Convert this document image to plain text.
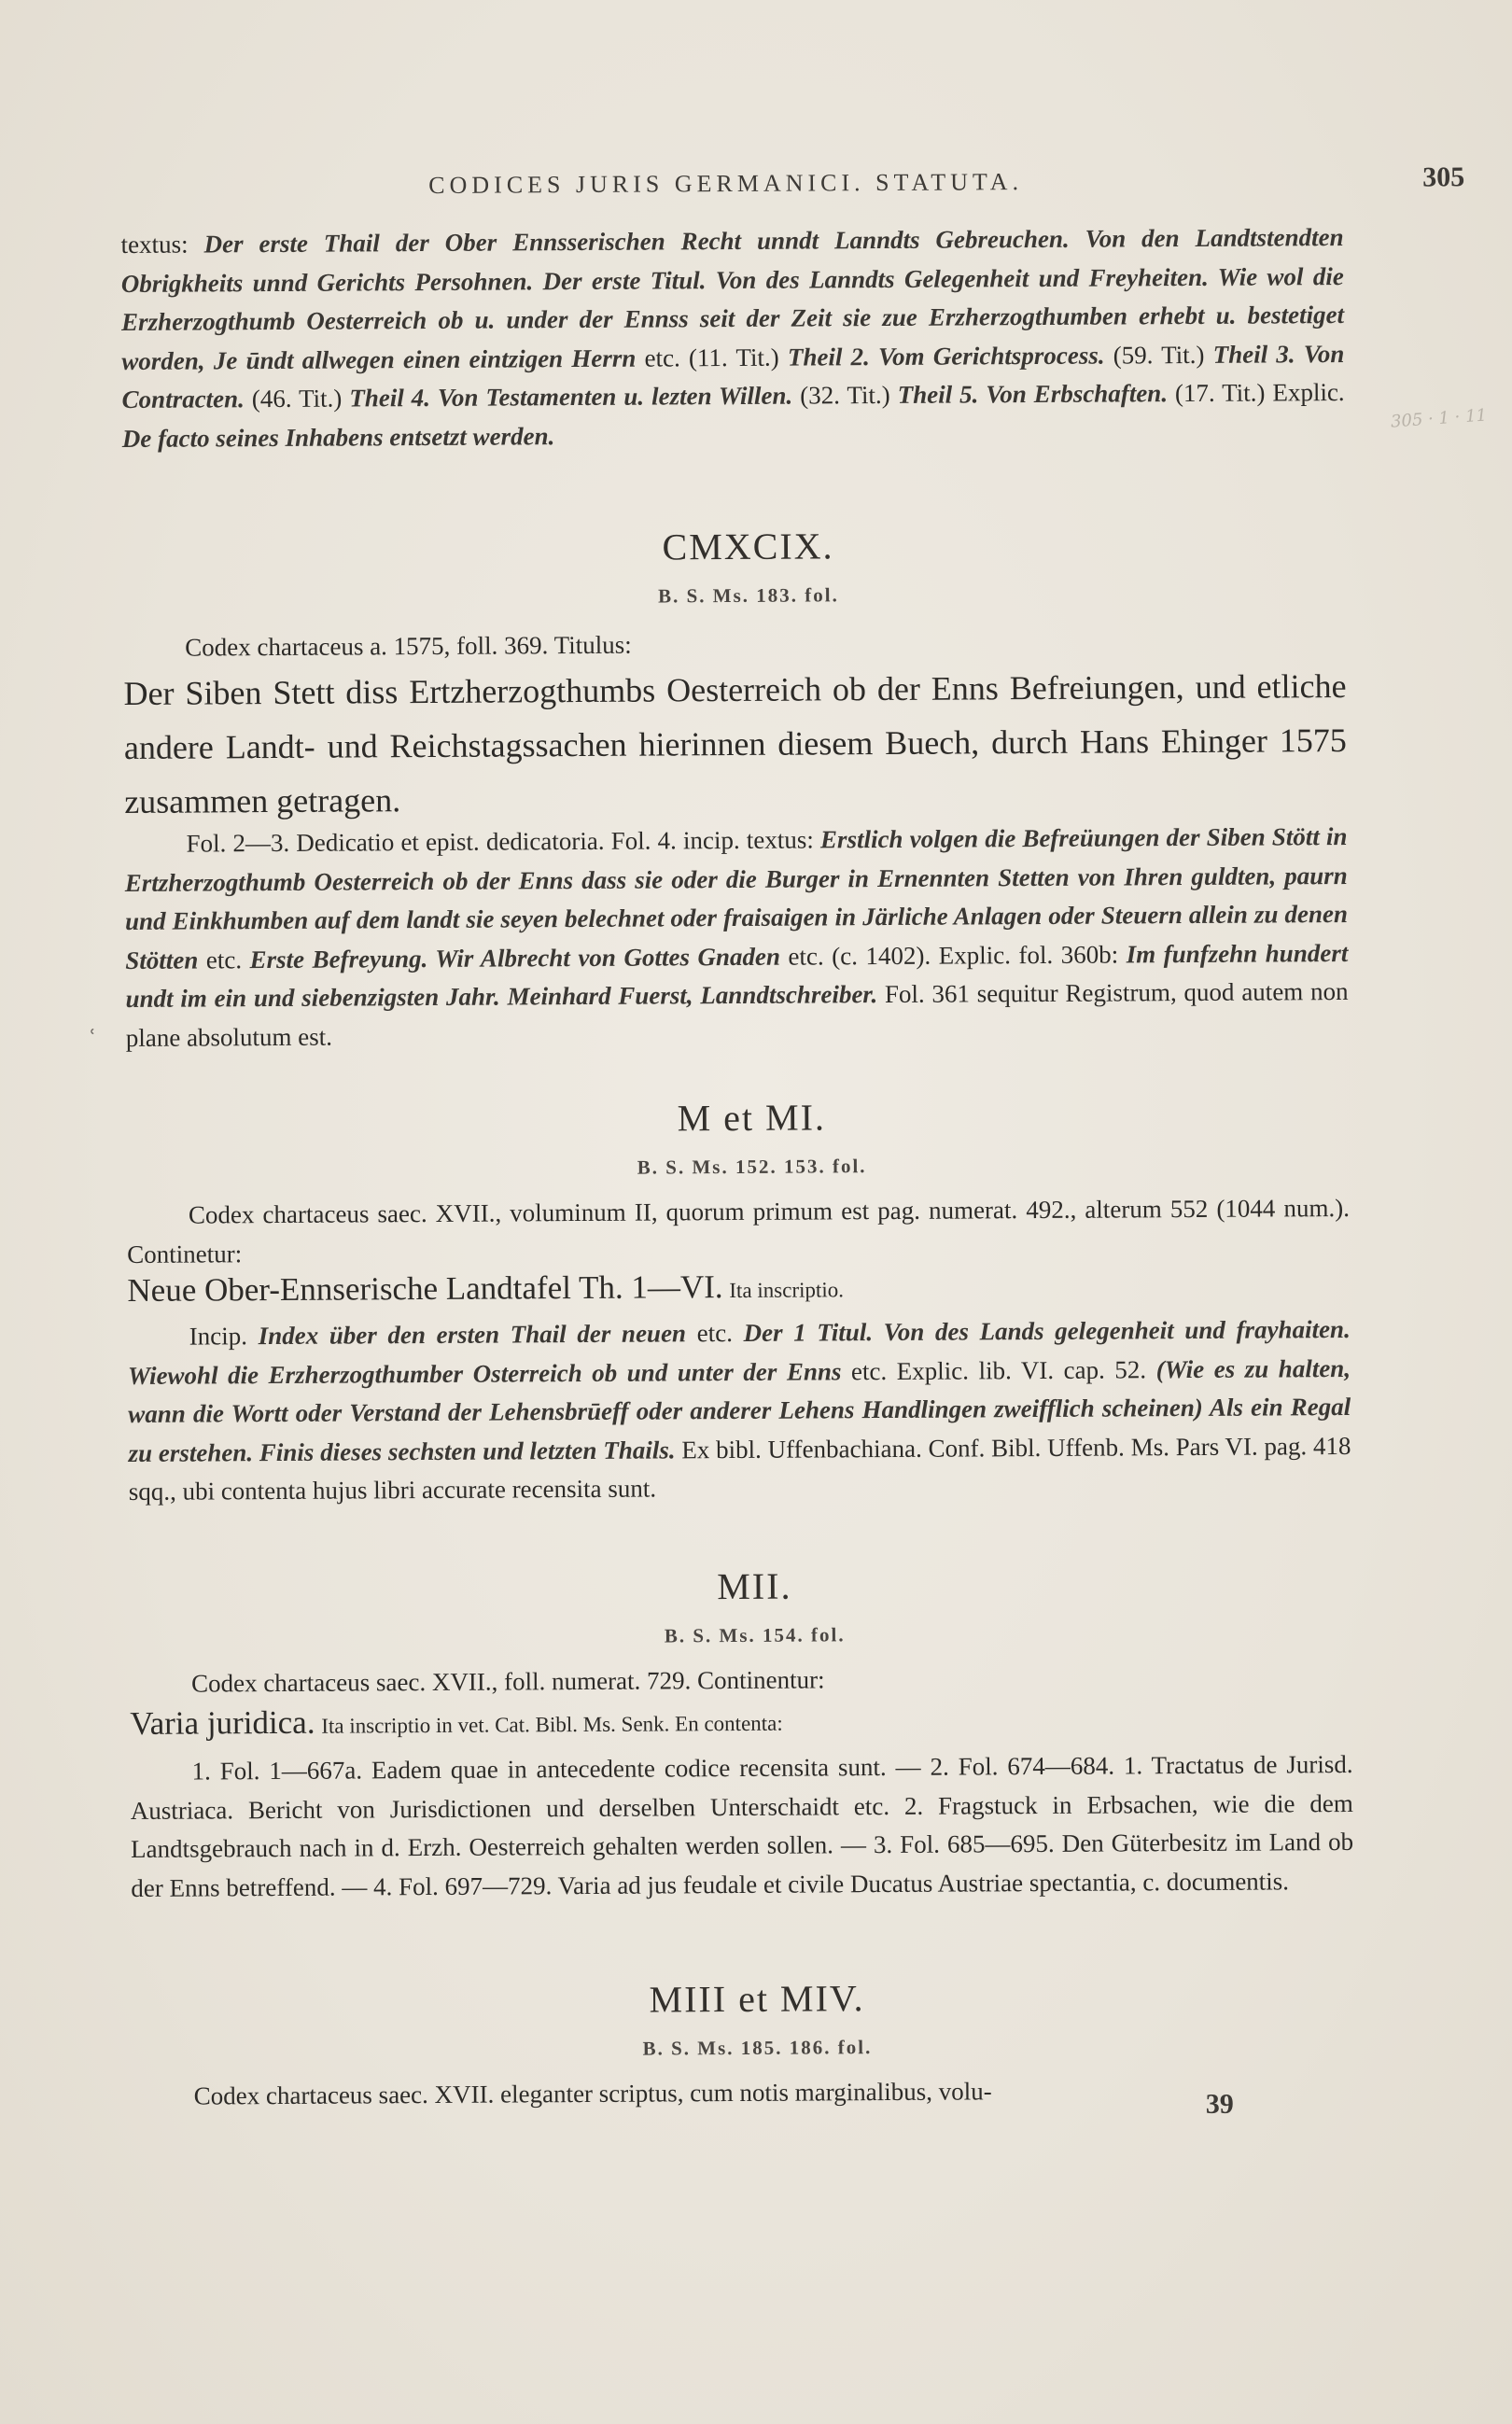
CODICES JURIS GERMANICI. STATUTA.	305
textus: Der erste Thail der Ober Ennsserischen Recht unndt Lanndts Gebreuchen. Von den Landtstendten Obrigkheits unnd Gerichts Persohnen. Der erste Titul. Von des Lanndts Gelegenheit und Freyheiten. Wie wol die Erzherzogthumb Oesterreich ob u. under der Ennss seit der Zeit sie zue Erzherzogthumben erhebt u. bestetiget worden, Je ūndt allwegen einen eintzigen Herrn etc. (11. Tit.) Theil 2. Vom Gerichtsprocess. (59. Tit.) Theil 3. Von Contracten. (46. Tit.) Theil 4. Von Testamenten u. lezten Willen. (32. Tit.) Theil 5. Von Erbschaften. (17. Tit.) Explic. De facto seines Inhabens entsetzt werden.
CMXCIX.
B. S. Ms. 183. fol.
Codex chartaceus a. 1575, foll. 369. Titulus:
Der Siben Stett diss Ertzherzogthumbs Oesterreich ob der Enns Befreiungen, und etliche andere Landt- und Reichstagssachen hierinnen diesem Buech, durch Hans Ehinger 1575 zusammen getragen.
Fol. 2—3. Dedicatio et epist. dedicatoria. Fol. 4. incip. textus: Erstlich volgen die Befreüungen der Siben Stött in Ertzherzogthumb Oesterreich ob der Enns dass sie oder die Burger in Ernennten Stetten von Ihren guldten, paurn und Einkhumben auf dem landt sie seyen belechnet oder fraisaigen in Järliche Anlagen oder Steuern allein zu denen Stötten etc. Erste Befreyung. Wir Albrecht von Gottes Gnaden etc. (c. 1402). Explic. fol. 360b: Im funfzehn hundert undt im ein und siebenzigsten Jahr. Meinhard Fuerst, Lanndtschreiber. Fol. 361 sequitur Registrum, quod autem non plane absolutum est.
M et MI.
B. S. Ms. 152. 153. fol.
Codex chartaceus saec. XVII., voluminum II, quorum primum est pag. numerat. 492., alterum 552 (1044 num.). Continetur:
Neue Ober-Ennserische Landtafel Th. 1—VI. Ita inscriptio.
Incip. Index über den ersten Thail der neuen etc. Der 1 Titul. Von des Lands gelegenheit und frayhaiten. Wiewohl die Erzherzogthumber Osterreich ob und unter der Enns etc. Explic. lib. VI. cap. 52. (Wie es zu halten, wann die Wortt oder Verstand der Lehensbrūeff oder anderer Lehens Handlingen zweifflich scheinen) Als ein Regal zu erstehen. Finis dieses sechsten und letzten Thails. Ex bibl. Uffenbachiana. Conf. Bibl. Uffenb. Ms. Pars VI. pag. 418 sqq., ubi contenta hujus libri accurate recensita sunt.
MII.
B. S. Ms. 154. fol.
Codex chartaceus saec. XVII., foll. numerat. 729. Continentur:
Varia juridica. Ita inscriptio in vet. Cat. Bibl. Ms. Senk. En contenta:
1. Fol. 1—667a. Eadem quae in antecedente codice recensita sunt. — 2. Fol. 674—684. 1. Tractatus de Jurisd. Austriaca. Bericht von Jurisdictionen und derselben Unterschaidt etc. 2. Fragstuck in Erbsachen, wie die dem Landtsgebrauch nach in d. Erzh. Oesterreich gehalten werden sollen. — 3. Fol. 685—695. Den Güterbesitz im Land ob der Enns betreffend. — 4. Fol. 697—729. Varia ad jus feudale et civile Ducatus Austriae spectantia, c. documentis.
MIII et MIV.
B. S. Ms. 185. 186. fol.
Codex chartaceus saec. XVII. eleganter scriptus, cum notis marginalibus, volu-	39
ʿ
305 · 1 · 11
